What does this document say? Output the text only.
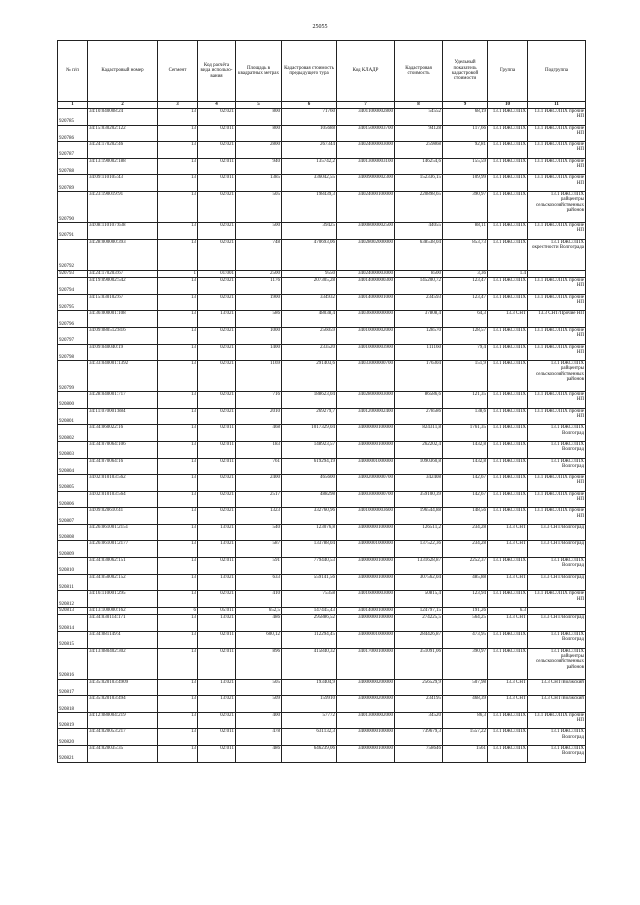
25055
№ п/п	Кадастровый номер	Сегмент	Код расчёта вида использо-вания	Площадь в квадратных метрах	Кадастровая стоимость предыдущего тура	Код КЛАДР	Кадастровая стоимость	Удельный показатель кадастровой стоимости	Группа	Подгруппа
1	2	3	4	5	6	7	8	9	10	11
920785	34:10:040008:24	13	02:021	800	71760	34011000002800	54552	68,19	13.1 ИЖС/ЛПХ	13.1 ИЖС/ЛПХ прочие НП
920786	34:15:030202:122	13	02:011	800	105688	34015000003700	94128	117,66	13.1 ИЖС/ЛПХ	13.1 ИЖС/ЛПХ прочие НП
920787	34:24:170202:46	13	02:021	2800	267344	34024000003000	259868	92,81	13.1 ИЖС/ЛПХ	13.1 ИЖС/ЛПХ прочие НП
920788	34:13:190002:188	13	02:011	940	135742,2	34013000003100	146254,6	155,59	13.1 ИЖС/ЛПХ	13.1 ИЖС/ЛПХ прочие НП
920789	34:09:110105:43	13	02:011	1385	336042,55	34009000002300	152336,15	109,99	13.1 ИЖС/ЛПХ	13.1 ИЖС/ЛПХ прочие НП
920790	34:23:190019:91	13	02:021	505	198439,3	34024000100000	220898,65	390,97	13.1 ИЖС/ЛПХ	13.1 ИЖС/ЛПХ райцентры сельскохозяйственных районов
920791	34:08:110107:638	13	02:021	500	39425	34008000002500	44055	88,11	13.1 ИЖС/ЛПХ	13.1 ИЖС/ЛПХ прочие НП
920792	34:28:000000:393	13	02:021	748	470693,06	34028002000000	638538,04	853,73	13.1 ИЖС/ЛПХ	13.1 ИЖС/ЛПХ окрестности Волгограда
920793	34:24:170203:67	1	01:001	2500	9550	34024000003000	8500	3,36	1.4	
920794	34:19:090002:542	13	02:021	1176	207305,28	34014000000300	145200,72	123,47	13.1 ИЖС/ЛПХ	13.1 ИЖС/ЛПХ прочие НП
920795	34:15:030102:67	13	02:021	1900	334932	34014000001000	234593	123,47	13.1 ИЖС/ЛПХ	13.1 ИЖС/ЛПХ прочие НП
920796	34:36:000001:108	13	13:021	586	48038,4	34036000000000	37808,4	64,3	13.3 СНТ	13.3 СНТ/Прочие НП
920797	34:09:080512:816	13	02:021	1000	256059	34010000002000	128570	128,57	13.1 ИЖС/ЛПХ	13.1 ИЖС/ЛПХ прочие НП
920798	34:09:040040:19	13	02:021	1400	233520	34010000003900	111160	79,4	13.1 ИЖС/ЛПХ	13.1 ИЖС/ЛПХ прочие НП
920799	34:33:040001:1392	13	02:021	1169	291403,6	34033000000700	176304	151,9	13.1 ИЖС/ЛПХ	13.1 ИЖС/ЛПХ райцентры сельскохозяйственных районов
920800	34:28:040001:717	13	02:021	716	188623,04	34028000003000	86586,6	121,35	13.1 ИЖС/ЛПХ	13.1 ИЖС/ЛПХ прочие НП
920801	34:11:070001:884	13	02:021	2010	269279,7	34012000002400	278586	138,6	13.1 ИЖС/ЛПХ	13.1 ИЖС/ЛПХ прочие НП
920802	34:34:060022:16	13	02:011	468	1017329,04	34000000100000	824311,8	1761,35	13.1 ИЖС/ЛПХ	13.1 ИЖС/ЛПХ Волгоград
920803	34:34:070064:106	13	02:011	183	148923,57	34000000100000	262202,4	1432,8	13.1 ИЖС/ЛПХ	13.1 ИЖС/ЛПХ Волгоград
920804	34:34:070064:16	13	02:011	761	619294,19	34000001000000	1090360,8	1432,8	13.1 ИЖС/ЛПХ	13.1 ИЖС/ЛПХ Волгоград
920805	34:02:010103:562	13	02:021	2400	465600	34002000000700	342408	142,67	13.1 ИЖС/ЛПХ	13.1 ИЖС/ЛПХ прочие НП
920806	34:02:010103:564	13	02:021	2517	488298	34003000000700	359100,39	142,67	13.1 ИЖС/ЛПХ	13.1 ИЖС/ЛПХ прочие НП
920807	34:09:020610:41	13	02:021	1323	332760,96	34010000003600	196544,88	148,56	13.1 ИЖС/ЛПХ	13.1 ИЖС/ЛПХ прочие НП
920808	34:26:061001:2151	13	13:021	540	123076,8	34000000100000	126511,2	234,28	13.3 СНТ	13.3 СНТ/Волгоград
920809	34:26:061001:2177	13	13:021	587	133788,04	34000001000000	137522,36	234,28	13.3 СНТ	13.3 СНТ/Волгоград
920810	34:34:030062:151	13	02:011	591	779440,53	34000000100000	1331628,87	2252,37	13.1 ИЖС/ЛПХ	13.1 ИЖС/ЛПХ Волгоград
920811	34:34:050002:152	13	13:021	633	559141,56	34000000100000	307562,04	485,88	13.3 СНТ	13.3 СНТ/Волгоград
920812	34:16:110001:295	13	02:021	410	75358	34016000003000	50815,4	123,94	13.1 ИЖС/ЛПХ	13.1 ИЖС/ЛПХ прочие НП
920813	34:13:100000:162	6	05:011	652,5	147445,43	34014000100000	124797,15	191,26	6.3	
920814	34:34:030114:171	13	13:021	486	295886,52	34000000100000	274225,5	564,25	13.3 СНТ	13.3 СНТ/Волгоград
920815	34:34:081149:4	13	02:011	600,12	112294,45	34000001000000	284426,87	473,95	13.1 ИЖС/ЛПХ	13.1 ИЖС/ЛПХ Волгоград
920816	34:13:080402:302	13	02:011	896	415840,32	34017000100000	351091,06	390,97	13.1 ИЖС/ЛПХ	13.1 ИЖС/ЛПХ райцентры сельскохозяйственных районов
920817	34:35:020103:4909	13	13:021	505	193404,9	34000000200000	256529,9	507,98	13.3 СНТ	13.3 СНТ/Волжский
920818	34:35:020103:494	13	13:021	509	159910	34000000200000	234195	468,39	13.3 СНТ	13.3 СНТ/Волжский
920819	34:12:080004:219	13	02:021	400	57772	34013000002000	34520	86,3	13.1 ИЖС/ЛПХ	13.1 ИЖС/ЛПХ прочие НП
920820	34:34:020053:217	13	02:011	478	631132,3	34000000100000	739679,3	1557,22	13.1 ИЖС/ЛПХ	13.1 ИЖС/ЛПХ Волгоград
920821	34:34:020035:35	13	02:011	486	646239,06	34000000100000	758646	1561	13.1 ИЖС/ЛПХ	13.1 ИЖС/ЛПХ Волгоград
